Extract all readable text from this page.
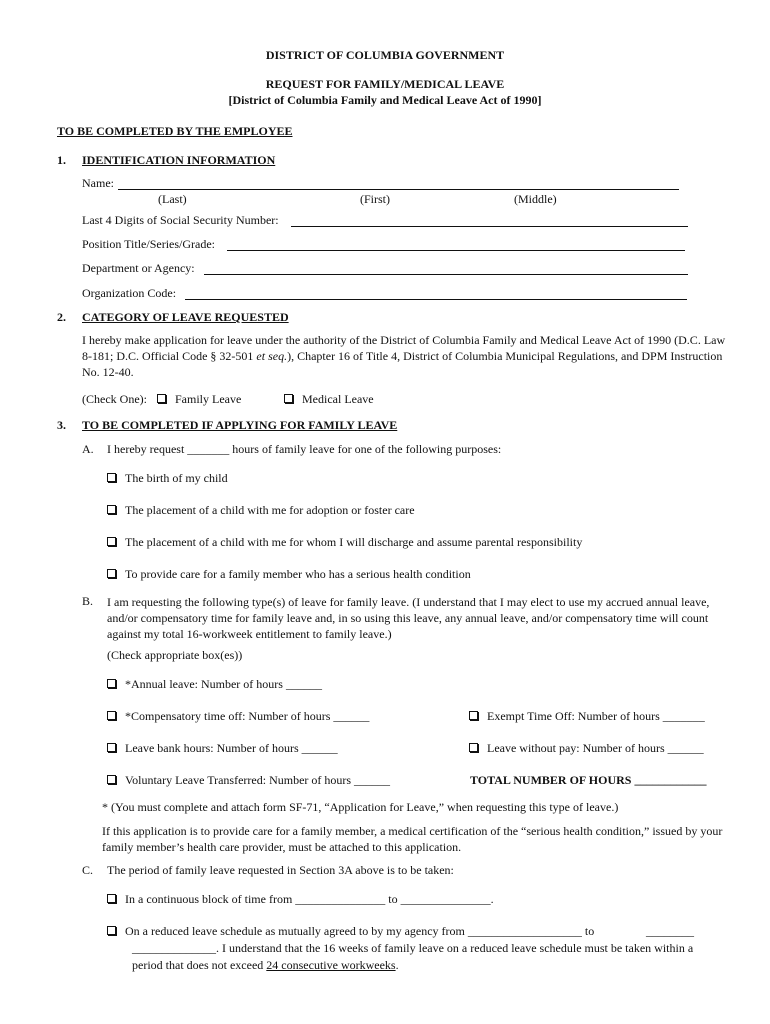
DISTRICT OF COLUMBIA GOVERNMENT
REQUEST FOR FAMILY/MEDICAL LEAVE
[District of Columbia Family and Medical Leave Act of 1990]
TO BE COMPLETED BY THE EMPLOYEE
1. IDENTIFICATION INFORMATION
Name:
(Last)	(First)	(Middle)
Last 4 Digits of Social Security Number:
Position Title/Series/Grade:
Department or Agency:
Organization Code:
2. CATEGORY OF LEAVE REQUESTED
I hereby make application for leave under the authority of the District of Columbia Family and Medical Leave Act of 1990 (D.C. Law 8-181; D.C. Official Code § 32-501 et seq.), Chapter 16 of Title 4, District of Columbia Municipal Regulations, and DPM Instruction No. 12-40.
(Check One):	Family Leave	Medical Leave
3. TO BE COMPLETED IF APPLYING FOR FAMILY LEAVE
A. I hereby request _______ hours of family leave for one of the following purposes:
The birth of my child
The placement of a child with me for adoption or foster care
The placement of a child with me for whom I will discharge and assume parental responsibility
To provide care for a family member who has a serious health condition
B. I am requesting the following type(s) of leave for family leave. (I understand that I may elect to use my accrued annual leave, and/or compensatory time for family leave and, in so using this leave, any annual leave, and/or compensatory time will count against my total 16-workweek entitlement to family leave.)
(Check appropriate box(es))
*Annual leave: Number of hours ______
*Compensatory time off: Number of hours ______	Exempt Time Off: Number of hours _______
Leave bank hours: Number of hours ______	Leave without pay: Number of hours ______
Voluntary Leave Transferred: Number of hours ______	TOTAL NUMBER OF HOURS ____________
* (You must complete and attach form SF-71, “Application for Leave,” when requesting this type of leave.)
If this application is to provide care for a family member, a medical certification of the “serious health condition,” issued by your family member’s health care provider, must be attached to this application.
C. The period of family leave requested in Section 3A above is to be taken:
In a continuous block of time from _______________ to _______________.
On a reduced leave schedule as mutually agreed to by my agency from ___________________ to	________
______________. I understand that the 16 weeks of family leave on a reduced leave schedule must be taken within a
period that does not exceed 24 consecutive workweeks.
